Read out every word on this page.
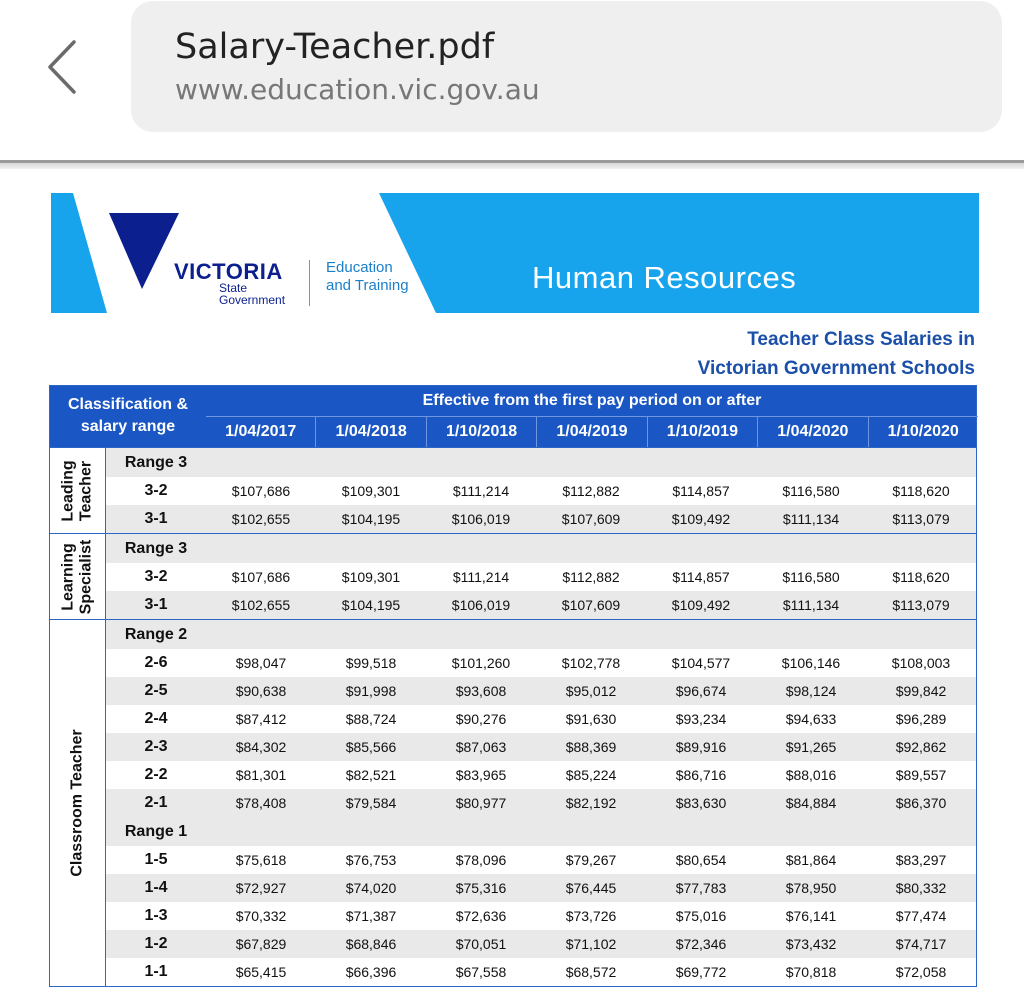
Salary-Teacher.pdf
www.education.vic.gov.au
VICTORIA
State
Government
Education
and Training	Human Resources
Teacher Class Salaries in
Victorian Government Schools
Classification &
salary range
Effective from the first pay period on or after
1/04/2017	1/04/2018	1/10/2018	1/04/2019	1/10/2019	1/04/2020	1/10/2020
Leading Teacher	Range 3
3-2	$107,686	$109,301	$111,214	$112,882	$114,857	$116,580	$118,620
3-1	$102,655	$104,195	$106,019	$107,609	$109,492	$111,134	$113,079
Learning Specialist	Range 3
3-2	$107,686	$109,301	$111,214	$112,882	$114,857	$116,580	$118,620
3-1	$102,655	$104,195	$106,019	$107,609	$109,492	$111,134	$113,079
Classroom Teacher
Range 2
2-6	$98,047	$99,518	$101,260	$102,778	$104,577	$106,146	$108,003
2-5	$90,638	$91,998	$93,608	$95,012	$96,674	$98,124	$99,842
2-4	$87,412	$88,724	$90,276	$91,630	$93,234	$94,633	$96,289
2-3	$84,302	$85,566	$87,063	$88,369	$89,916	$91,265	$92,862
2-2	$81,301	$82,521	$83,965	$85,224	$86,716	$88,016	$89,557
2-1	$78,408	$79,584	$80,977	$82,192	$83,630	$84,884	$86,370
Range 1
1-5	$75,618	$76,753	$78,096	$79,267	$80,654	$81,864	$83,297
1-4	$72,927	$74,020	$75,316	$76,445	$77,783	$78,950	$80,332
1-3	$70,332	$71,387	$72,636	$73,726	$75,016	$76,141	$77,474
1-2	$67,829	$68,846	$70,051	$71,102	$72,346	$73,432	$74,717
1-1	$65,415	$66,396	$67,558	$68,572	$69,772	$70,818	$72,058
